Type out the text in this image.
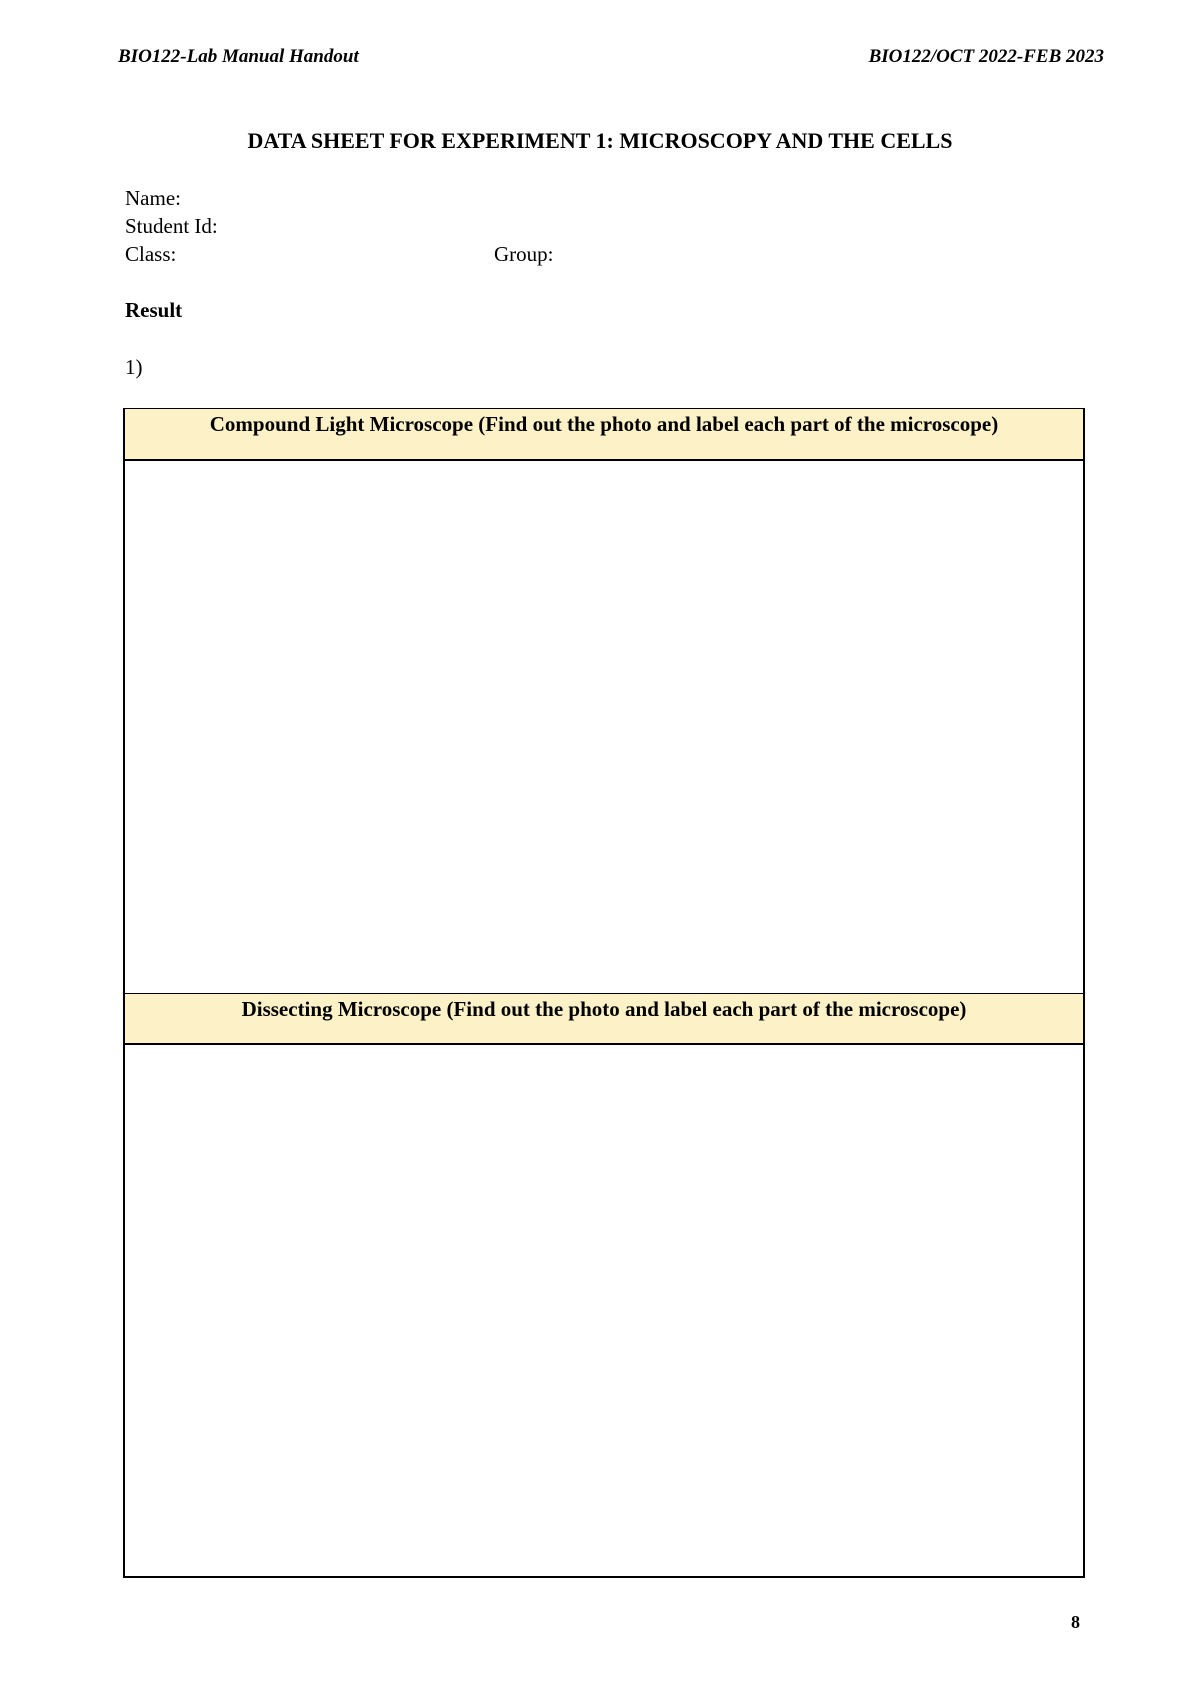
BIO122-Lab Manual Handout	BIO122/OCT 2022-FEB 2023
DATA SHEET FOR EXPERIMENT 1: MICROSCOPY AND THE CELLS
Name:
Student Id:
Class:	Group:
Result
1)
Compound Light Microscope (Find out the photo and label each part of the microscope)
Dissecting Microscope (Find out the photo and label each part of the microscope)
8
